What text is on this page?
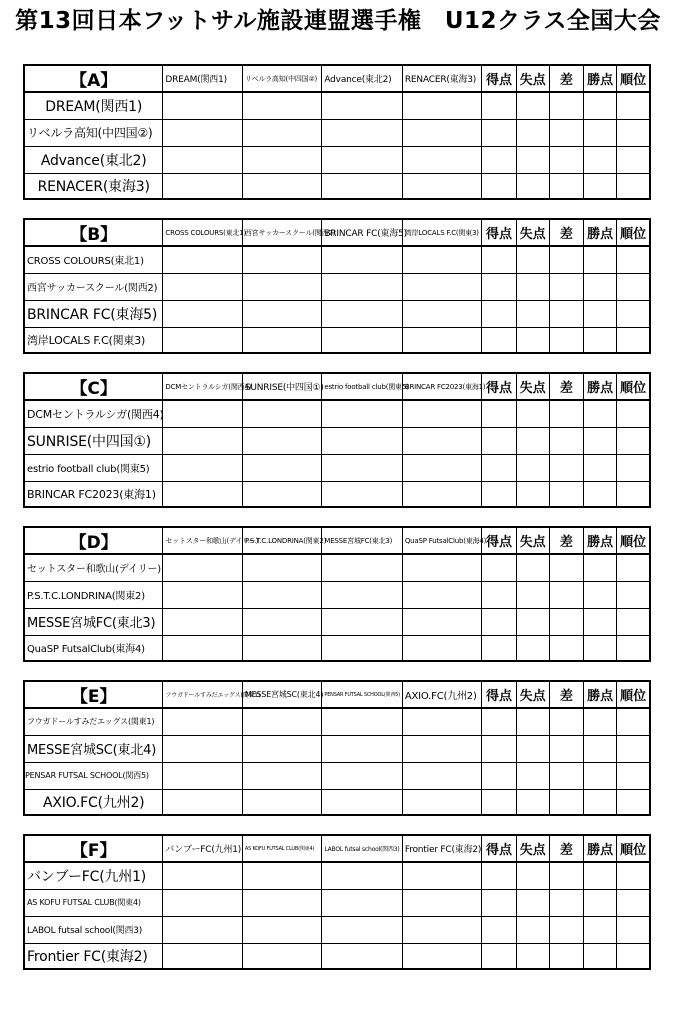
第13回日本フットサル施設連盟選手権　U12クラス全国大会
【A】	DREAM(関西1)	リベルラ高知(中四国②)	Advance(東北2)	RENACER(東海3)	得点	失点	差	勝点	順位
DREAM(関西1)									
リベルラ高知(中四国②)									
Advance(東北2)									
RENACER(東海3)									
【B】	CROSS COLOURS(東北1)	西宮サッカースクール(関西2)	BRINCAR FC(東海5)	湾岸LOCALS F.C(関東3)	得点	失点	差	勝点	順位
CROSS COLOURS(東北1)									
西宮サッカースクール(関西2)									
BRINCAR FC(東海5)									
湾岸LOCALS F.C(関東3)									
【C】	DCMセントラルシガ(関西4)	SUNRISE(中四国①)	estrio football club(関東5)	BRINCAR FC2023(東海1)	得点	失点	差	勝点	順位
DCMセントラルシガ(関西4)									
SUNRISE(中四国①)									
estrio football club(関東5)									
BRINCAR FC2023(東海1)									
【D】	セットスター和歌山(デイリー)	P.S.T.C.LONDRINA(関東2)	MESSE宮城FC(東北3)	QuaSP FutsalClub(東海4)	得点	失点	差	勝点	順位
セットスター和歌山(デイリー)									
P.S.T.C.LONDRINA(関東2)									
MESSE宮城FC(東北3)									
QuaSP FutsalClub(東海4)									
【E】	フウガドールすみだエッグス(関東1)	MESSE宮城SC(東北4)	PENSAR FUTSAL SCHOOL(関西5)	AXIO.FC(九州2)	得点	失点	差	勝点	順位
フウガドールすみだエッグス(関東1)									
MESSE宮城SC(東北4)									
PENSAR FUTSAL SCHOOL(関西5)									
AXIO.FC(九州2)									
【F】	バンブーFC(九州1)	AS KOFU FUTSAL CLUB(関東4)	LABOL futsal school(関西3)	Frontier FC(東海2)	得点	失点	差	勝点	順位
バンブーFC(九州1)									
AS KOFU FUTSAL CLUB(関東4)									
LABOL futsal school(関西3)									
Frontier FC(東海2)									
